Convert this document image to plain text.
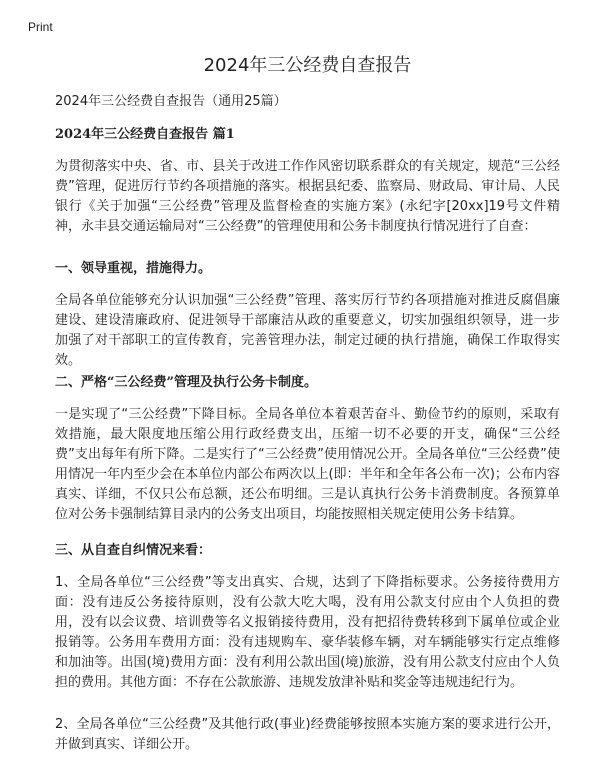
Print
2024年三公经费自查报告

2024年三公经费自查报告（通用25篇）

2024年三公经费自查报告 篇1

为贯彻落实中央、省、市、县关于改进工作作风密切联系群众的有关规定，规范“三公经费”管理，促进厉行节约各项措施的落实。根据县纪委、监察局、财政局、审计局、人民银行《关于加强“三公经费”管理及监督检查的实施方案》(永纪字[20xx]19号文件精神，永丰县交通运输局对“三公经费”的管理使用和公务卡制度执行情况进行了自查：

一、领导重视，措施得力。

全局各单位能够充分认识加强“三公经费”管理、落实厉行节约各项措施对推进反腐倡廉建设、建设清廉政府、促进领导干部廉洁从政的重要意义，切实加强组织领导，进一步加强了对干部职工的宣传教育，完善管理办法，制定过硬的执行措施，确保工作取得实效。

二、严格“三公经费”管理及执行公务卡制度。

一是实现了“三公经费”下降目标。全局各单位本着艰苦奋斗、勤俭节约的原则，采取有效措施，最大限度地压缩公用行政经费支出，压缩一切不必要的开支，确保“三公经费”支出每年有所下降。二是实行了“三公经费”使用情况公开。全局各单位“三公经费”使用情况一年内至少会在本单位内部公布两次以上(即：半年和全年各公布一次)；公布内容真实、详细，不仅只公布总额，还公布明细。三是认真执行公务卡消费制度。各预算单位对公务卡强制结算目录内的公务支出项目，均能按照相关规定使用公务卡结算。

三、从自查自纠情况来看：

1、全局各单位“三公经费”等支出真实、合规，达到了下降指标要求。公务接待费用方面：没有违反公务接待原则，没有公款大吃大喝，没有用公款支付应由个人负担的费用，没有以会议费、培训费等名义报销接待费用，没有把招待费转移到下属单位或企业报销等。公务用车费用方面：没有违规购车、豪华装修车辆，对车辆能够实行定点维修和加油等。出国(境)费用方面：没有利用公款出国(境)旅游，没有用公款支付应由个人负担的费用。其他方面：不存在公款旅游、违规发放津补贴和奖金等违规违纪行为。

2、全局各单位“三公经费”及其他行政(事业)经费能够按照本实施方案的要求进行公开，并做到真实、详细公开。
